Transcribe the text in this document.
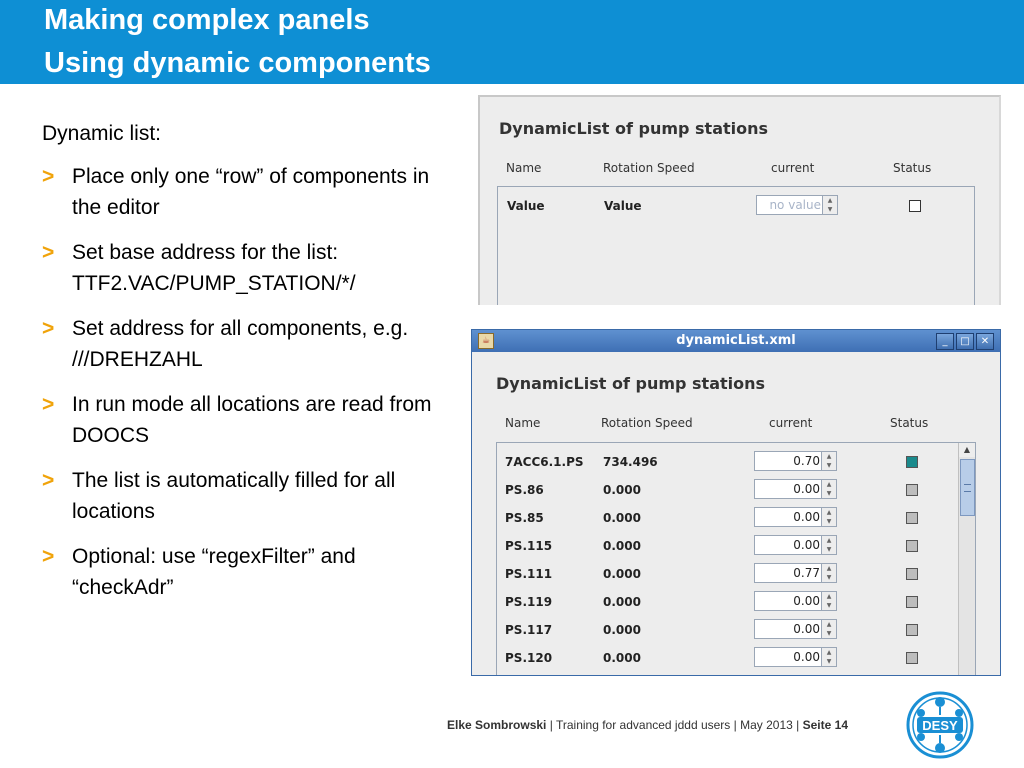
Making complex panels
Using dynamic components
Dynamic list:
> Place only one “row” of components in the editor
> Set base address for the list: TTF2.VAC/PUMP_STATION/*/
> Set address for all components, e.g. ///DREHZAHL
> In run mode all locations are read from DOOCS
> The list is automatically filled for all locations
> Optional: use “regexFilter” and “checkAdr”
DynamicList of pump stations
Name	Rotation Speed	current	Status
Value	Value	no value	▲
▼
☕	dynamicList.xml	_	□	✕
DynamicList of pump stations
Name	Rotation Speed	current	Status
7ACC6.1.PS 734.496	0.70	▲
▼
PS.86	0.000	0.00	▲
▼
PS.85	0.000	0.00	▲
▼
PS.115	0.000	0.00	▲
▼
PS.111	0.000	0.77	▲
▼
PS.119	0.000	0.00	▲
▼
PS.117	0.000	0.00	▲
▼
PS.120	0.000	0.00	▲
▼
▲
Elke Sombrowski | Training for advanced jddd users | May 2013 | Seite 14	DESY
